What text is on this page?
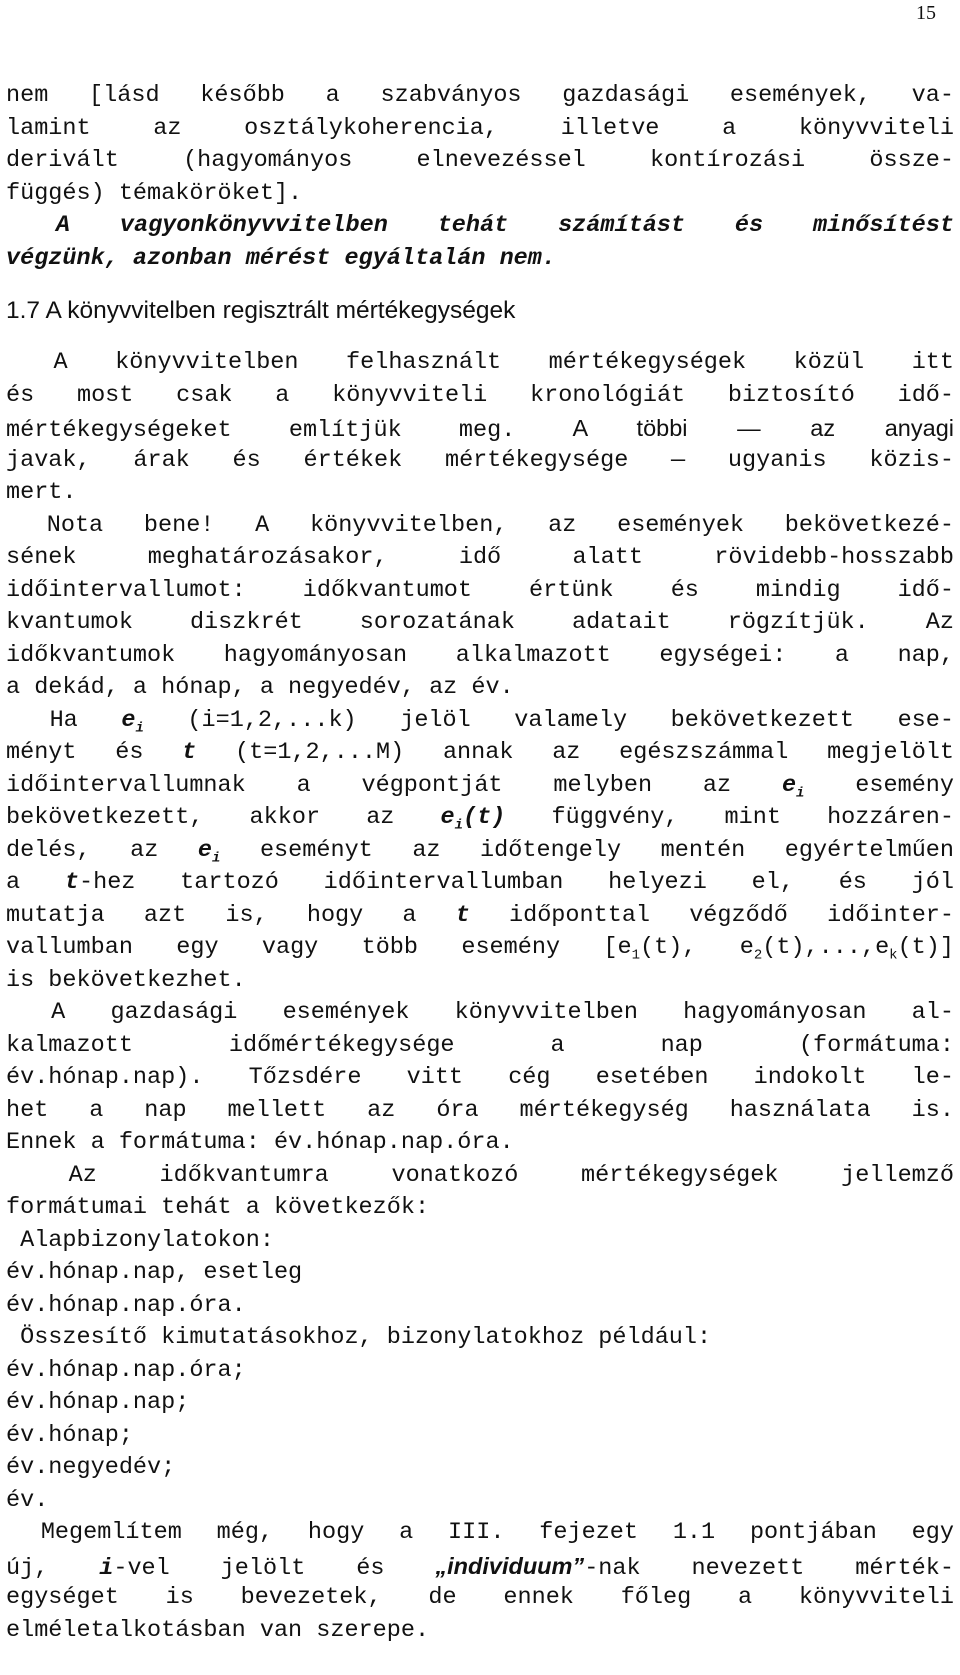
15
nem [lásd később a szabványos gazdasági események, va-
lamint az osztálykoherencia, illetve a könyvviteli
derivált (hagyományos elnevezéssel kontírozási össze-
függés) témaköröket].
A vagyonkönyvvitelben tehát számítást és minősítést
végzünk, azonban mérést egyáltalán nem.
1.7 A könyvvitelben regisztrált mértékegységek
A könyvvitelben felhasznált mértékegységek közül itt
és most csak a könyvviteli kronológiát biztosító idő-
mértékegységeket említjük meg. A többi — az anyagi
javak, árak és értékek mértékegysége — ugyanis közis-
mert.
Nota bene! A könyvvitelben, az események bekövetkezé-
sének meghatározásakor, idő alatt rövidebb-hosszabb
időintervallumot: időkvantumot értünk és mindig idő-
kvantumok diszkrét sorozatának adatait rögzítjük. Az
időkvantumok hagyományosan alkalmazott egységei: a nap,
a dekád, a hónap, a negyedév, az év.
Ha $e_i$ (i=1,2,...k) jelöl valamely bekövetkezett ese-
ményt és t (t=1,2,...M) annak az egészszámmal megjelölt
időintervallumnak a végpontját melyben az $e_i$ esemény
bekövetkezett, akkor az $e_i(t)$ függvény, mint hozzáren-
delés, az $e_i$ eseményt az időtengely mentén egyértelműen
a t-hez tartozó időintervallumban helyezi el, és jól
mutatja azt is, hogy a t időponttal végződő időinter-
vallumban egy vagy több esemény [$e_1(t)$, $e_2(t),...,e_k(t)$]
is bekövetkezhet.
A gazdasági események könyvvitelben hagyományosan al-
kalmazott időmértékegysége a nap (formátuma:
év.hónap.nap). Tőzsdére vitt cég esetében indokolt le-
het a nap mellett az óra mértékegység használata is.
Ennek a formátuma: év.hónap.nap.óra.
Az időkvantumra vonatkozó mértékegységek jellemző
formátumai tehát a következők:
Alapbizonylatokon:
év.hónap.nap, esetleg
év.hónap.nap.óra.
Összesítő kimutatásokhoz, bizonylatokhoz például:
év.hónap.nap.óra;
év.hónap.nap;
év.hónap;
év.negyedév;
év.
Megemlítem még, hogy a III. fejezet 1.1 pontjában egy
új, i-vel jelölt és „individuum”-nak nevezett mérték-
egységet is bevezetek, de ennek főleg a könyvviteli
elméletalkotásban van szerepe.
